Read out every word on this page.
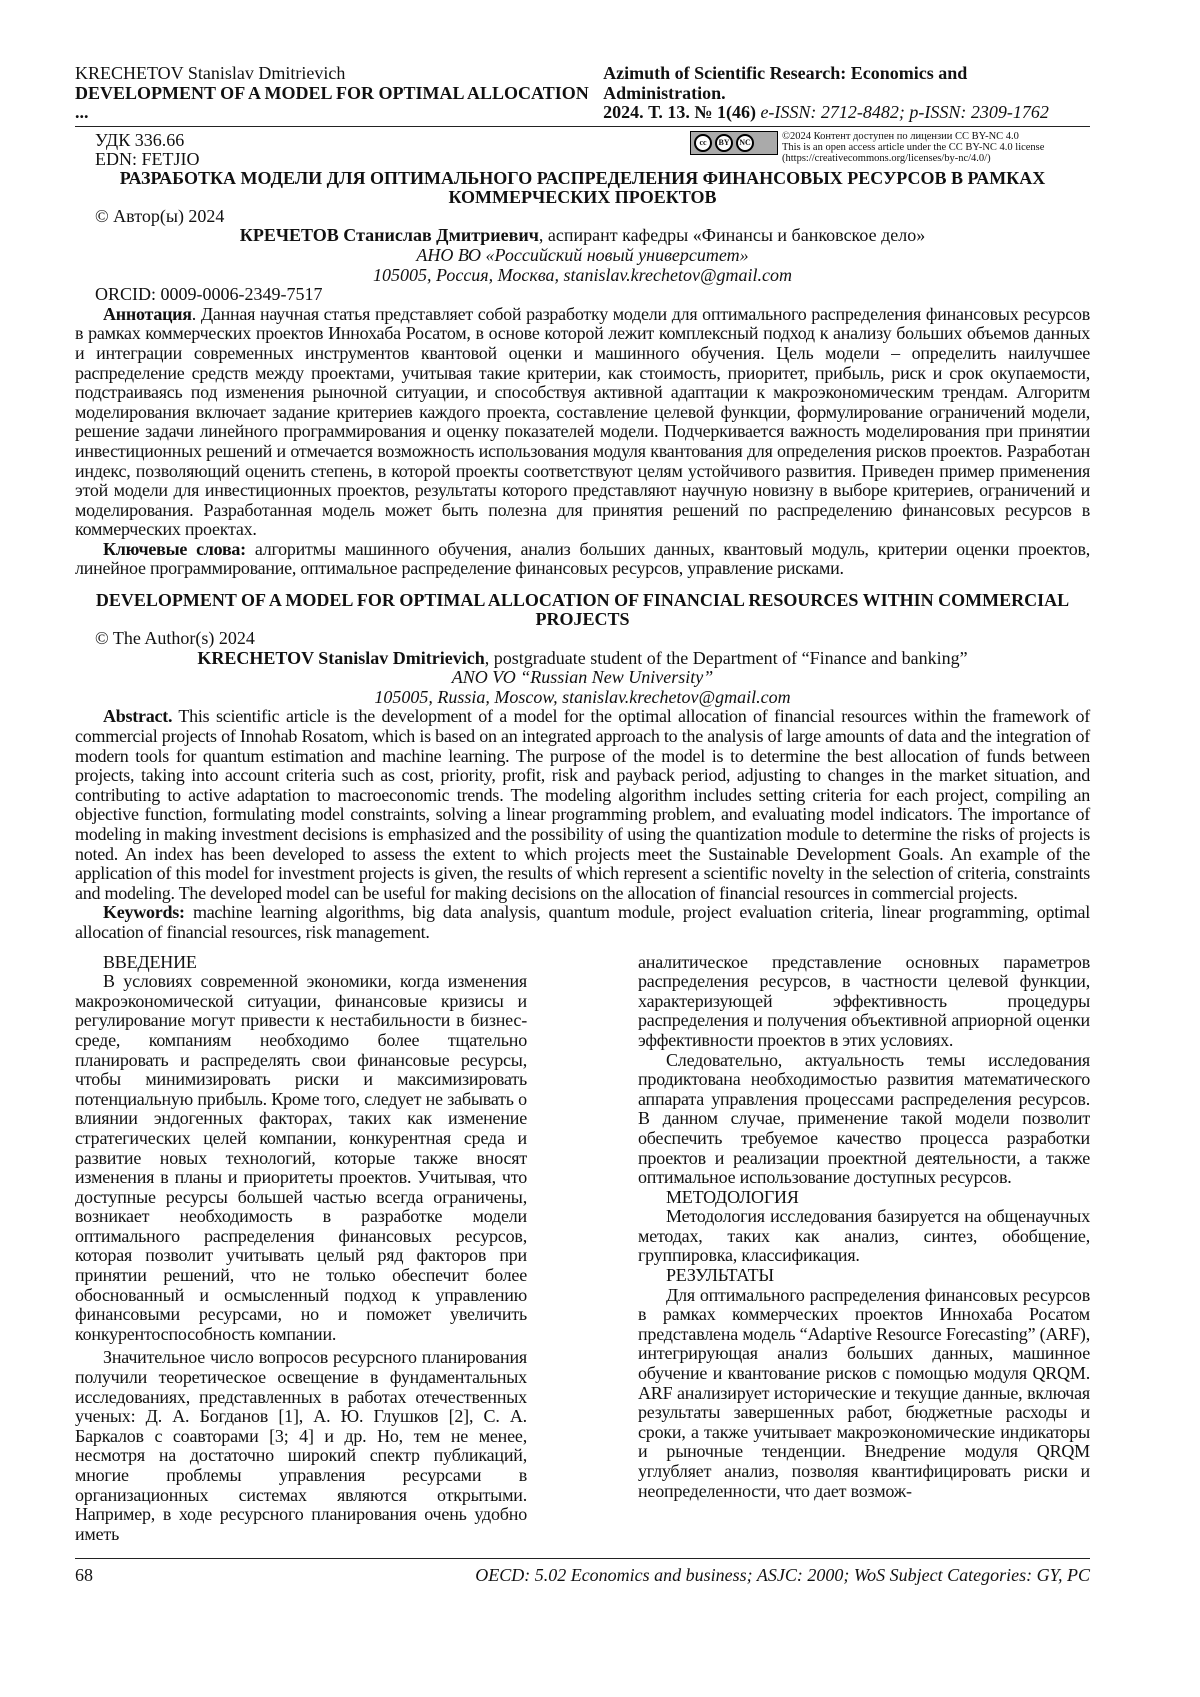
KRECHETOV Stanislav Dmitrievich
DEVELOPMENT OF A MODEL FOR OPTIMAL ALLOCATION ...
Azimuth of Scientific Research: Economics and Administration.
2024. Т. 13. № 1(46) e-ISSN: 2712-8482; p-ISSN: 2309-1762
УДК 336.66
EDN: FETJIO
cc	BY	NC
©2024 Контент доступен по лицензии CC BY-NC 4.0
This is an open access article under the CC BY-NC 4.0 license
(https://creativecommons.org/licenses/by-nc/4.0/)
РАЗРАБОТКА МОДЕЛИ ДЛЯ ОПТИМАЛЬНОГО РАСПРЕДЕЛЕНИЯ ФИНАНСОВЫХ РЕСУРСОВ В РАМКАХ КОММЕРЧЕСКИХ ПРОЕКТОВ
© Автор(ы) 2024
КРЕЧЕТОВ Станислав Дмитриевич, аспирант кафедры «Финансы и банковское дело»
АНО ВО «Российский новый университет»
105005, Россия, Москва, stanislav.krechetov@gmail.com
ORCID: 0009-0006-2349-7517

Аннотация. Данная научная статья представляет собой разработку модели для оптимального распределения финансовых ресурсов в рамках коммерческих проектов Иннохаба Росатом, в основе которой лежит комплексный подход к анализу больших объемов данных и интеграции современных инструментов квантовой оценки и машинного обучения. Цель модели – определить наилучшее распределение средств между проектами, учитывая такие критерии, как стоимость, приоритет, прибыль, риск и срок окупаемости, подстраиваясь под изменения рыночной ситуации, и способствуя активной адаптации к макроэкономическим трендам. Алгоритм моделирования включает задание критериев каждого проекта, составление целевой функции, формулирование ограничений модели, решение задачи линейного программирования и оценку показателей модели. Подчеркивается важность моделирования при принятии инвестиционных решений и отмечается возможность использования модуля квантования для определения рисков проектов. Разработан индекс, позволяющий оценить степень, в которой проекты соответствуют целям устойчивого развития. Приведен пример применения этой модели для инвестиционных проектов, результаты которого представляют научную новизну в выборе критериев, ограничений и моделирования. Разработанная модель может быть полезна для принятия решений по распределению финансовых ресурсов в коммерческих проектах.

Ключевые слова: алгоритмы машинного обучения, анализ больших данных, квантовый модуль, критерии оценки проектов, линейное программирование, оптимальное распределение финансовых ресурсов, управление рисками.

DEVELOPMENT OF A MODEL FOR OPTIMAL ALLOCATION OF FINANCIAL RESOURCES WITHIN COMMERCIAL PROJECTS
© The Author(s) 2024
KRECHETOV Stanislav Dmitrievich, postgraduate student of the Department of “Finance and banking”
ANO VO “Russian New University”
105005, Russia, Moscow, stanislav.krechetov@gmail.com

Abstract. This scientific article is the development of a model for the optimal allocation of financial resources within the framework of commercial projects of Innohab Rosatom, which is based on an integrated approach to the analysis of large amounts of data and the integration of modern tools for quantum estimation and machine learning. The purpose of the model is to determine the best allocation of funds between projects, taking into account criteria such as cost, priority, profit, risk and payback period, adjusting to changes in the market situation, and contributing to active adaptation to macroeconomic trends. The modeling algorithm includes setting criteria for each project, compiling an objective function, formulating model constraints, solving a linear programming problem, and evaluating model indicators. The importance of modeling in making investment decisions is emphasized and the possibility of using the quantization module to determine the risks of projects is noted. An index has been developed to assess the extent to which projects meet the Sustainable Development Goals. An example of the application of this model for investment projects is given, the results of which represent a scientific novelty in the selection of criteria, constraints and modeling. The developed model can be useful for making decisions on the allocation of financial resources in commercial projects.

Keywords: machine learning algorithms, big data analysis, quantum module, project evaluation criteria, linear programming, optimal allocation of financial resources, risk management.

ВВЕДЕНИЕ

В условиях современной экономики, когда изменения макроэкономической ситуации, финансовые кризисы и регулирование могут привести к нестабильности в бизнес-среде, компаниям необходимо более тщательно планировать и распределять свои финансовые ресурсы, чтобы минимизировать риски и максимизировать потенциальную прибыль. Кроме того, следует не забывать о влиянии эндогенных факторах, таких как изменение стратегических целей компании, конкурентная среда и развитие новых технологий, которые также вносят изменения в планы и приоритеты проектов. Учитывая, что доступные ресурсы большей частью всегда ограничены, возникает необходимость в разработке модели оптимального распределения финансовых ресурсов, которая позволит учитывать целый ряд факторов при принятии решений, что не только обеспечит более обоснованный и осмысленный подход к управлению финансовыми ресурсами, но и поможет увеличить конкурентоспособность компании.

Значительное число вопросов ресурсного планирования получили теоретическое освещение в фундаментальных исследованиях, представленных в работах отечественных ученых: Д. А. Богданов [1], А. Ю. Глушков [2], С. А. Баркалов с соавторами [3; 4] и др. Но, тем не менее, несмотря на достаточно широкий спектр публикаций, многие проблемы управления ресурсами в организационных системах являются открытыми. Например, в ходе ресурсного планирования очень удобно иметь

аналитическое представление основных параметров распределения ресурсов, в частности целевой функции, характеризующей эффективность процедуры распределения и получения объективной априорной оценки эффективности проектов в этих условиях.

Следовательно, актуальность темы исследования продиктована необходимостью развития математического аппарата управления процессами распределения ресурсов. В данном случае, применение такой модели позволит обеспечить требуемое качество процесса разработки проектов и реализации проектной деятельности, а также оптимальное использование доступных ресурсов.

МЕТОДОЛОГИЯ

Методология исследования базируется на общенаучных методах, таких как анализ, синтез, обобщение, группировка, классификация.

РЕЗУЛЬТАТЫ

Для оптимального распределения финансовых ресурсов в рамках коммерческих проектов Иннохаба Росатом представлена модель “Adaptive Resource Forecasting” (ARF), интегрирующая анализ больших данных, машинное обучение и квантование рисков с помощью модуля QRQM. ARF анализирует исторические и текущие данные, включая результаты завершенных работ, бюджетные расходы и сроки, а также учитывает макроэкономические индикаторы и рыночные тенденции. Внедрение модуля QRQM углубляет анализ, позволяя квантифицировать риски и неопределенности, что дает возмож-

68	OECD: 5.02 Economics and business; ASJC: 2000; WoS Subject Categories: GY, PC
